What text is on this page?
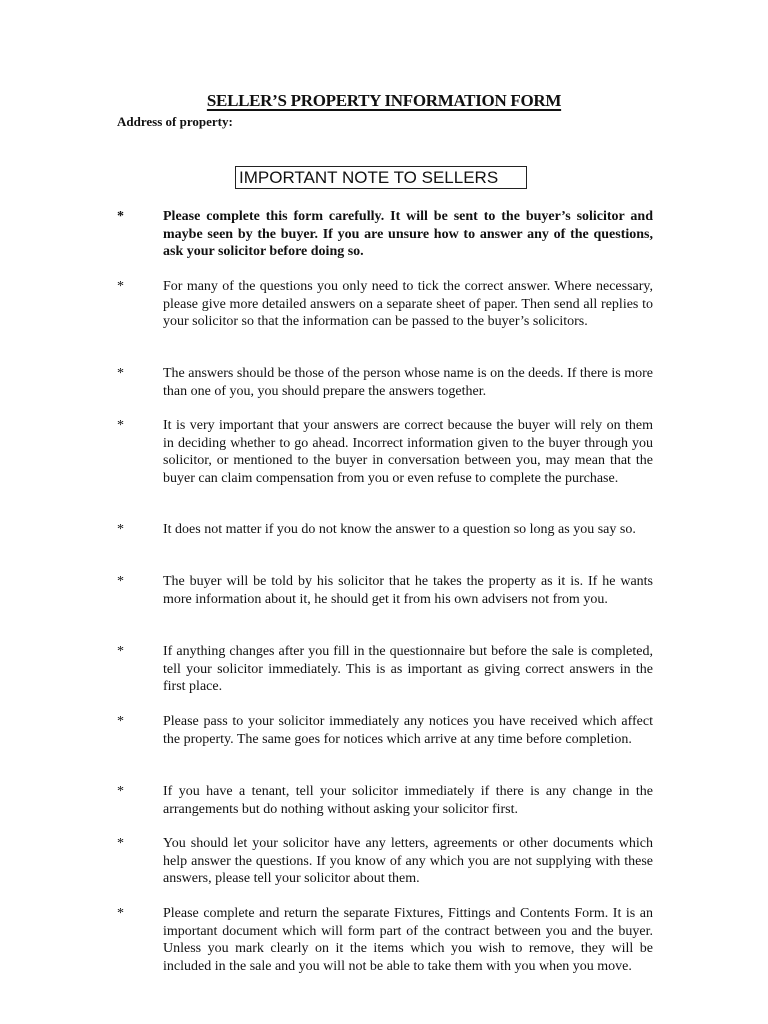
SELLER’S PROPERTY INFORMATION FORM
Address of property:
IMPORTANT NOTE TO SELLERS
*	Please complete this form carefully. It will be sent to the buyer’s solicitor and maybe seen by the buyer. If you are unsure how to answer any of the questions, ask your solicitor before doing so.
*	For many of the questions you only need to tick the correct answer. Where necessary, please give more detailed answers on a separate sheet of paper. Then send all replies to your solicitor so that the information can be passed to the buyer’s solicitors.
*	The answers should be those of the person whose name is on the deeds. If there is more than one of you, you should prepare the answers together.
*	It is very important that your answers are correct because the buyer will rely on them in deciding whether to go ahead. Incorrect information given to the buyer through you solicitor, or mentioned to the buyer in conversation between you, may mean that the buyer can claim compensation from you or even refuse to complete the purchase.
*	It does not matter if you do not know the answer to a question so long as you say so.
*	The buyer will be told by his solicitor that he takes the property as it is. If he wants more information about it, he should get it from his own advisers not from you.
*	If anything changes after you fill in the questionnaire but before the sale is completed, tell your solicitor immediately. This is as important as giving correct answers in the first place.
*	Please pass to your solicitor immediately any notices you have received which affect the property. The same goes for notices which arrive at any time before completion.
*	If you have a tenant, tell your solicitor immediately if there is any change in the arrangements but do nothing without asking your solicitor first.
*	You should let your solicitor have any letters, agreements or other documents which help answer the questions. If you know of any which you are not supplying with these answers, please tell your solicitor about them.
*	Please complete and return the separate Fixtures, Fittings and Contents Form. It is an important document which will form part of the contract between you and the buyer. Unless you mark clearly on it the items which you wish to remove, they will be included in the sale and you will not be able to take them with you when you move.
